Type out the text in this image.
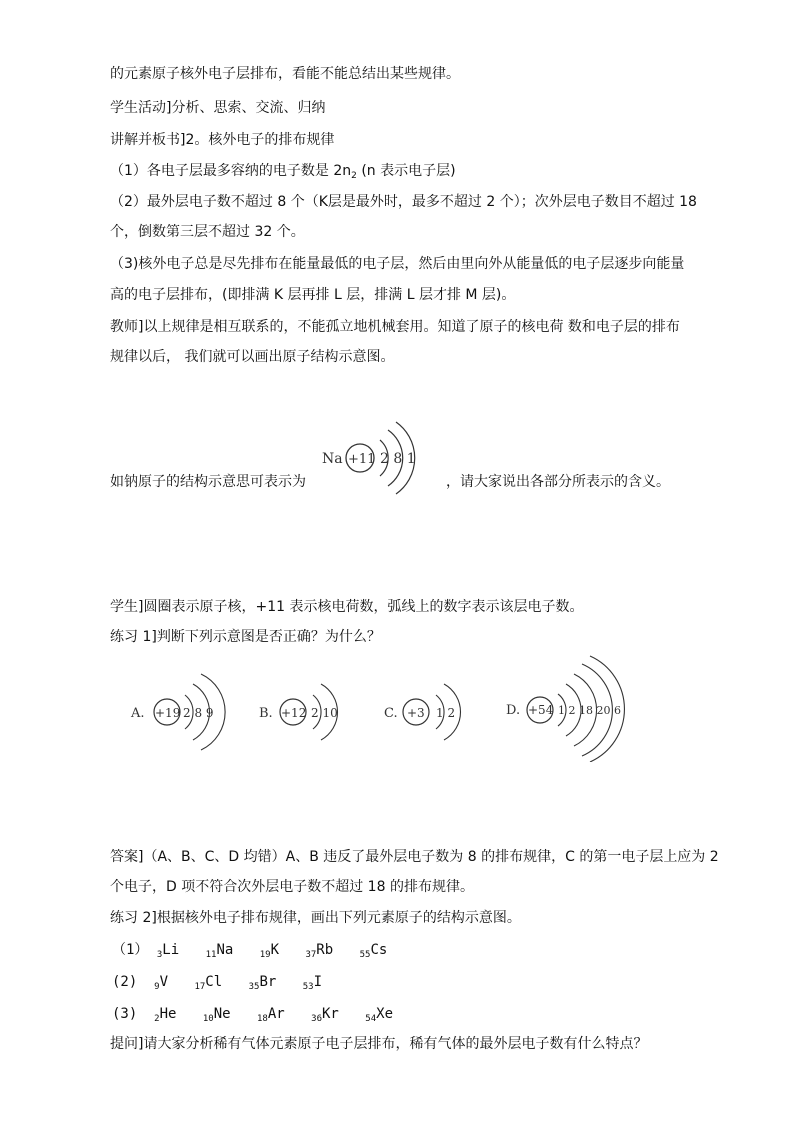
的元素原子核外电子层排布，看能不能总结出某些规律。
学生活动]分析、思索、交流、归纳
讲解并板书]2。核外电子的排布规律
（1）各电子层最多容纳的电子数是 $2n_2$ (n 表示电子层)
（2）最外层电子数不超过 8 个（K层是最外时，最多不超过 2 个）；次外层电子数目不超过 18
个，倒数第三层不超过 32 个。
（3)核外电子总是尽先排布在能量最低的电子层，然后由里向外从能量低的电子层逐步向能量
高的电子层排布，(即排满 K 层再排 L 层，排满 L 层才排 M 层)。
教师]以上规律是相互联系的，不能孤立地机械套用。知道了原子的核电荷 数和电子层的排布
规律以后， 我们就可以画出原子结构示意图。
Na +11 2 8 1
如钠原子的结构示意思可表示为	，请大家说出各部分所表示的含义。
学生]圆圈表示原子核，+11 表示核电荷数，弧线上的数字表示该层电子数。
练习 1]判断下列示意图是否正确？为什么？
A. +19 2 8 9	B. +12 2 10	C. +3 1 2	D. +54 1 2 18 20 6
答案]（A、B、C、D 均错）A、B 违反了最外层电子数为 8 的排布规律，C 的第一电子层上应为 2
个电子，D 项不符合次外层电子数不超过 18 的排布规律。
练习 2]根据核外电子排布规律，画出下列元素原子的结构示意图。
（1） $_3$Li	$_{11}$Na	$_{19}$K	$_{37}$Rb	$_{55}$Cs
(2) $_9$V	$_{17}$Cl	$_{35}$Br	$_{53}$I
(3) $_2$He	$_{10}$Ne	$_{18}$Ar	$_{36}$Kr	$_{54}$Xe
提问]请大家分析稀有气体元素原子电子层排布，稀有气体的最外层电子数有什么特点？
